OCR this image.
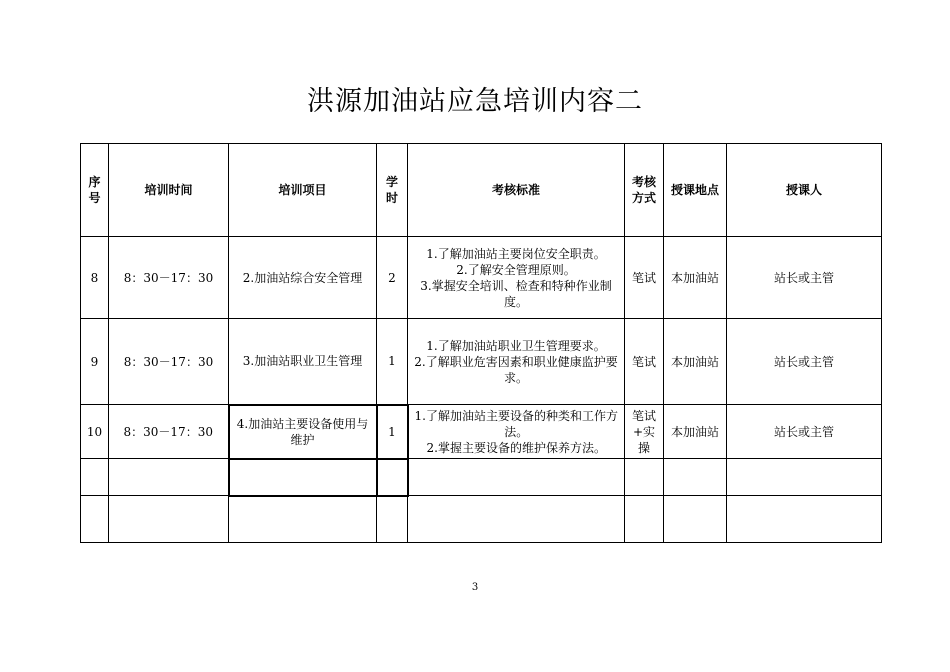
洪源加油站应急培训内容二
序号	培训时间	培训项目	学时	考核标准	考核方式	授课地点	授课人
8	8：30－17：30	2.加油站综合安全管理	2	1.了解加油站主要岗位安全职责。
2.了解安全管理原则。
3.掌握安全培训、检查和特种作业制度。	笔试	本加油站	站长或主管
9	8：30－17：30	3.加油站职业卫生管理	1	1.了解加油站职业卫生管理要求。
2.了解职业危害因素和职业健康监护要求。	笔试	本加油站	站长或主管
10	8：30－17：30	4.加油站主要设备使用与维护	1	1.了解加油站主要设备的种类和工作方法。
2.掌握主要设备的维护保养方法。	笔试+实操	本加油站	站长或主管

3
